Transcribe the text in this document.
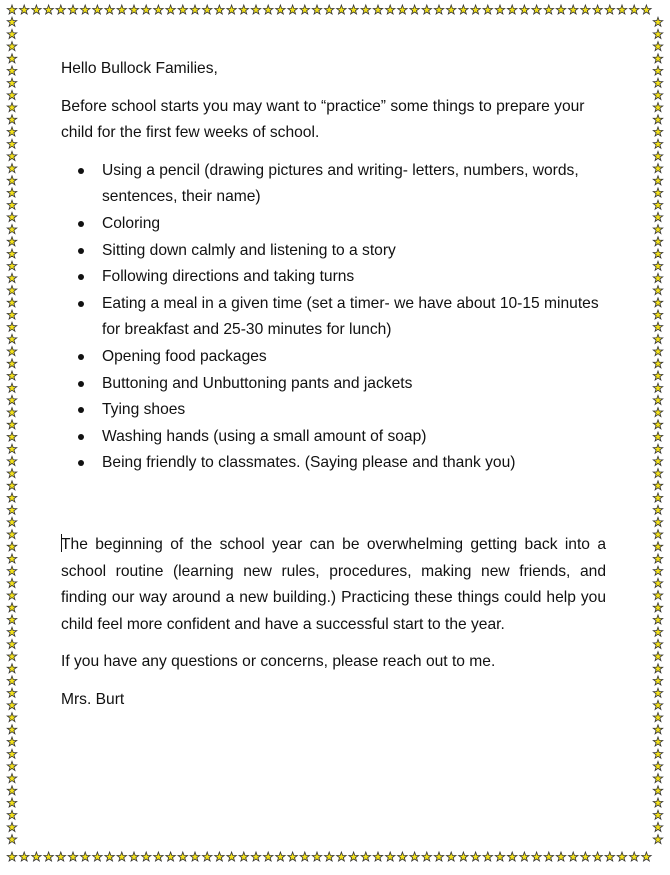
Hello Bullock Families,

Before school starts you may want to “practice” some things to prepare your child for the first few weeks of school.

Using a pencil (drawing pictures and writing- letters, numbers, words, sentences, their name)
Coloring
Sitting down calmly and listening to a story
Following directions and taking turns
Eating a meal in a given time (set a timer- we have about 10-15 minutes for breakfast and 25-30 minutes for lunch)
Opening food packages
Buttoning and Unbuttoning pants and jackets
Tying shoes
Washing hands (using a small amount of soap)
Being friendly to classmates. (Saying please and thank you)

The beginning of the school year can be overwhelming getting back into a school routine (learning new rules, procedures, making new friends, and finding our way around a new building.) Practicing these things could help you child feel more confident and have a successful start to the year.

If you have any questions or concerns, please reach out to me.

Mrs. Burt
